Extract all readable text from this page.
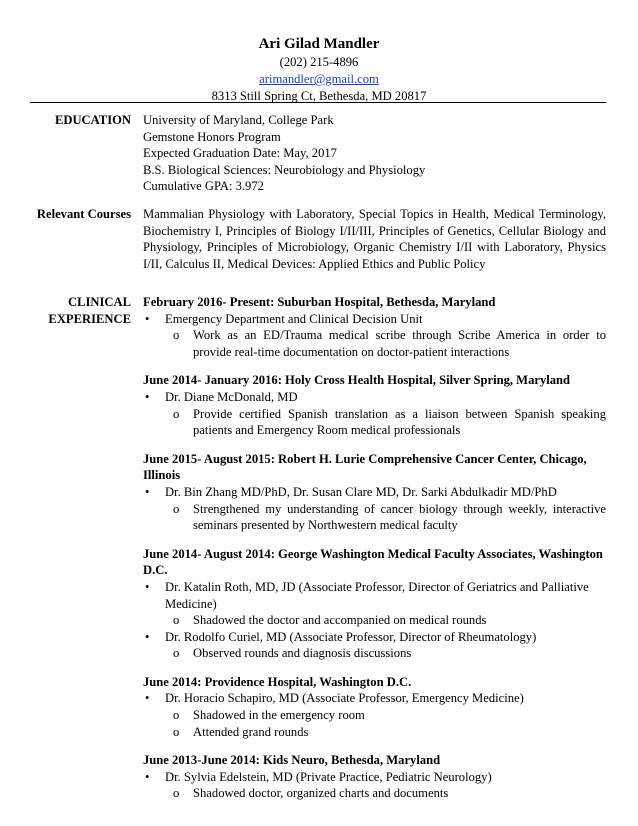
Ari Gilad Mandler
(202) 215-4896
arimandler@gmail.com
8313 Still Spring Ct, Bethesda, MD 20817
EDUCATION University of Maryland, College Park
Gemstone Honors Program
Expected Graduation Date: May, 2017
B.S. Biological Sciences: Neurobiology and Physiology
Cumulative GPA: 3.972
Relevant Courses Mammalian Physiology with Laboratory, Special Topics in Health, Medical Terminology, Biochemistry I, Principles of Biology I/II/III, Principles of Genetics, Cellular Biology and Physiology, Principles of Microbiology, Organic Chemistry I/II with Laboratory, Physics I/II, Calculus II, Medical Devices: Applied Ethics and Public Policy
CLINICAL
EXPERIENCE
February 2016- Present: Suburban Hospital, Bethesda, Maryland
• Emergency Department and Clinical Decision Unit
o Work as an ED/Trauma medical scribe through Scribe America in order to provide real-time documentation on doctor-patient interactions
June 2014- January 2016: Holy Cross Health Hospital, Silver Spring, Maryland
• Dr. Diane McDonald, MD
o Provide certified Spanish translation as a liaison between Spanish speaking patients and Emergency Room medical professionals
June 2015- August 2015: Robert H. Lurie Comprehensive Cancer Center, Chicago, Illinois
• Dr. Bin Zhang MD/PhD, Dr. Susan Clare MD, Dr. Sarki Abdulkadir MD/PhD
o Strengthened my understanding of cancer biology through weekly, interactive seminars presented by Northwestern medical faculty
June 2014- August 2014: George Washington Medical Faculty Associates, Washington D.C.
• Dr. Katalin Roth, MD, JD (Associate Professor, Director of Geriatrics and Palliative Medicine)
o Shadowed the doctor and accompanied on medical rounds
• Dr. Rodolfo Curiel, MD (Associate Professor, Director of Rheumatology)
o Observed rounds and diagnosis discussions
June 2014: Providence Hospital, Washington D.C.
• Dr. Horacio Schapiro, MD (Associate Professor, Emergency Medicine)
o Shadowed in the emergency room
o Attended grand rounds
June 2013-June 2014: Kids Neuro, Bethesda, Maryland
• Dr. Sylvia Edelstein, MD (Private Practice, Pediatric Neurology)
o Shadowed doctor, organized charts and documents
